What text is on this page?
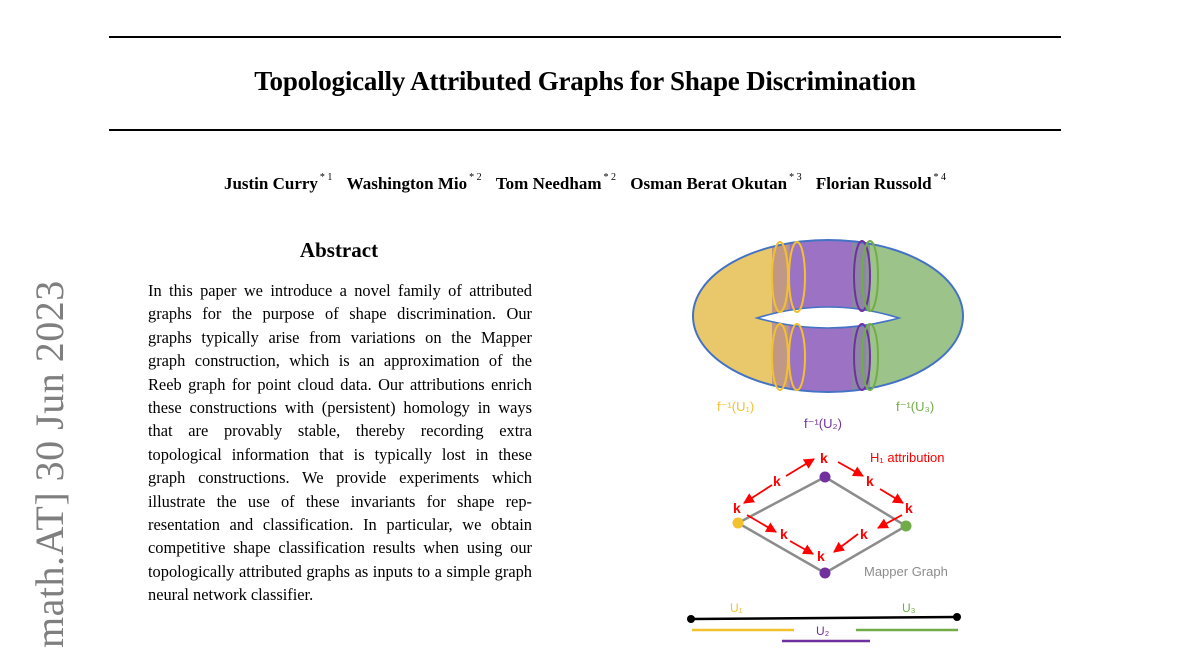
Topologically Attributed Graphs for Shape Discrimination
Justin Curry $^{* 1}$ Washington Mio $^{* 2}$ Tom Needham $^{* 2}$ Osman Berat Okutan $^{* 3}$ Florian Russold $^{* 4}$
math.AT] 30 Jun 2023
Abstract
In this paper we introduce a novel family of attributed graphs for the purpose of shape discrimination. Our graphs typically arise from variations on the Mapper graph construction, which is an approximation of the Reeb graph for point cloud data. Our attributions enrich these constructions with (persistent) homology in ways that are provably stable, thereby recording extra topological information that is typically lost in these graph constructions. We provide experiments which illustrate the use of these invariants for shape representation and classification. In particular, we obtain competitive shape classification results when using our topologically attributed graphs as inputs to a simple graph neural network classifier.
f⁻¹(U₁)
f⁻¹(U₂)
f⁻¹(U₃)
k
k	k
k	k
k	k
k
H₁ attribution
Mapper Graph
U₁	U₃
U₂
